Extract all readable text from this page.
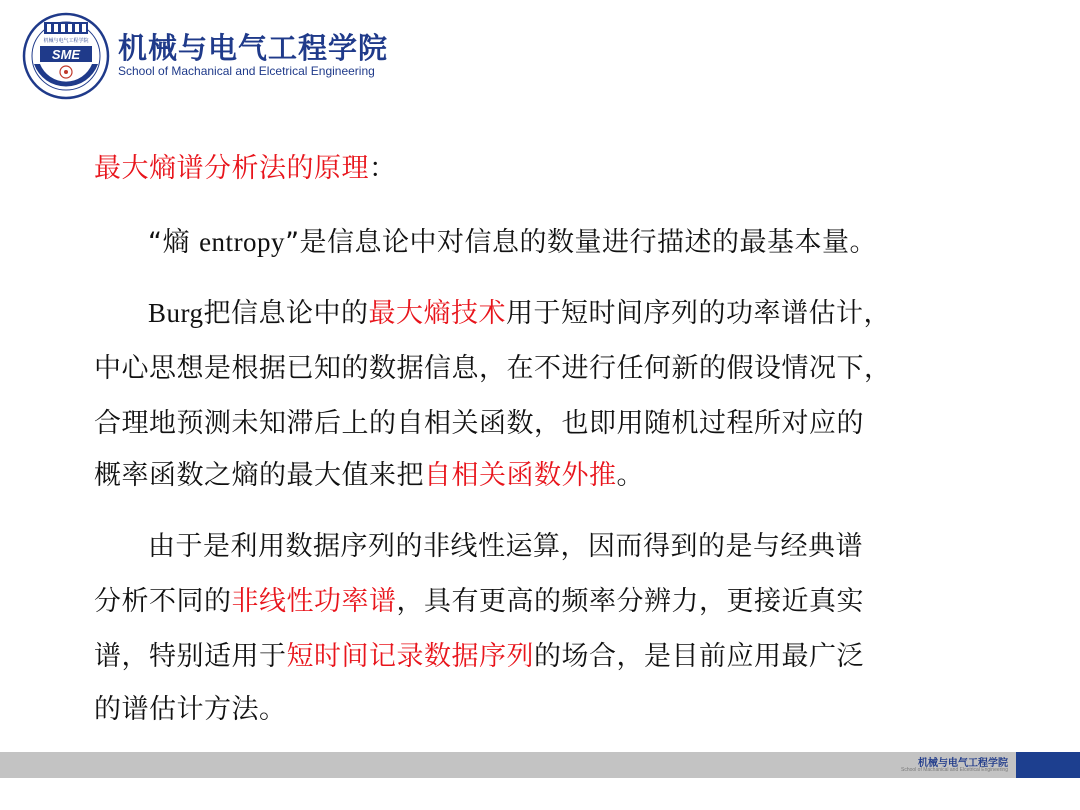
SME
机械与电气工程学院 机械与电气工程学院
School of Machanical and Elcetrical Engineering
最大熵谱分析法的原理：
“熵 entropy”是信息论中对信息的数量进行描述的最基本量。
Burg把信息论中的最大熵技术用于短时间序列的功率谱估计，
中心思想是根据已知的数据信息，在不进行任何新的假设情况下，
合理地预测未知滞后上的自相关函数，也即用随机过程所对应的
概率函数之熵的最大值来把自相关函数外推。
由于是利用数据序列的非线性运算，因而得到的是与经典谱
分析不同的非线性功率谱，具有更高的频率分辨力，更接近真实
谱，特别适用于短时间记录数据序列的场合，是目前应用最广泛
的谱估计方法。
机械与电气工程学院
School of Machanical and Elcetrical Engineering
